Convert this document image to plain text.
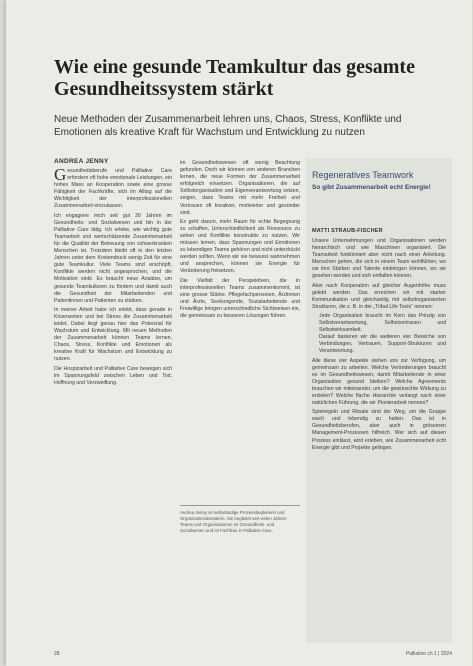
Wie eine gesunde Teamkultur das gesamte Gesundheitssystem stärkt

Neue Methoden der Zusammenarbeit lehren uns, Chaos, Stress, Konflikte und Emotionen als kreative Kraft für Wachstum und Entwicklung zu nutzen

ANDREA JENNY

Gesundheitsberufe und Palliative Care erfordern oft hohe emotionale Leistungen, ein hohes Mass an Kooperation sowie eine grosse Fähigkeit der Fachkräfte, sich im Alltag auf die Wichtigkeit der interprofessionellen Zusammenarbeit einzulassen.

Ich engagiere mich seit gut 30 Jahren im Gesundheits- und Sozialwesen und bin in der Palliative Care tätig. Ich erlebe, wie wichtig gute Teamarbeit und wertschätzende Zusammenarbeit für die Qualität der Betreuung von schwerkranken Menschen ist. Trotzdem bleibt oft in den letzten Jahren unter dem Kostendruck wenig Zeit für eine gute Teamkultur. Viele Teams sind erschöpft, Konflikte werden nicht angesprochen, und die Motivation sinkt. Es braucht neue Ansätze, um gesunde Teamkulturen zu fördern und damit auch die Gesundheit der Mitarbeitenden und Patientinnen und Patienten zu stärken.

In meiner Arbeit habe ich erlebt, dass gerade in Krisenzeiten und bei Stress die Zusammenarbeit leidet. Dabei liegt genau hier das Potenzial für Wachstum und Entwicklung. Mit neuen Methoden der Zusammenarbeit können Teams lernen, Chaos, Stress, Konflikte und Emotionen als kreative Kraft für Wachstum und Entwicklung zu nutzen.

Die Hospizarbeit und Palliative Care bewegen sich im Spannungsfeld zwischen Leben und Tod, Hoffnung und Verzweiflung.

im Gesundheitswesen oft wenig Beachtung gefunden. Doch wir können von anderen Branchen lernen, die neue Formen der Zusammenarbeit erfolgreich einsetzen. Organisationen, die auf Selbstorganisation und Eigenverantwortung setzen, zeigen, dass Teams mit mehr Freiheit und Vertrauen oft kreativer, motivierter und gesünder sind.

Es geht darum, mehr Raum für echte Begegnung zu schaffen, Unterschiedlichkeit als Ressource zu sehen und Konflikte konstruktiv zu nutzen. Wir müssen lernen, dass Spannungen und Emotionen zu lebendigen Teams gehören und nicht unterdrückt werden sollten. Wenn wir sie bewusst wahrnehmen und ansprechen, können sie Energie für Veränderung freisetzen.

Die Vielfalt der Perspektiven, die in interprofessionellen Teams zusammenkommt, ist eine grosse Stärke. Pflegefachpersonen, Ärztinnen und Ärzte, Seelsorgende, Sozialarbeitende und Freiwillige bringen unterschiedliche Sichtweisen ein, die gemeinsam zu besseren Lösungen führen.

Andrea Jenny ist selbständige Prozessbegleiterin und Organisationsberaterin. Sie begleitet seit vielen Jahren Teams und Organisationen im Gesundheits- und Sozialwesen und ist Fachfrau in Palliative Care.

Regeneratives Teamwork

So gibt Zusammenarbeit echt Energie!

MATTI STRAUB-FISCHER

Unsere Unternehmungen und Organisationen werden hierarchisch und wie Maschinen organisiert. Die Teamarbeit funktioniert aber nicht nach einer Anleitung. Menschen gehen, die sich in einem Team wohlfühlen, wo sie ihre Stärken und Talente einbringen können, wo sie gesehen werden und sich entfalten können.

Aber nach Kooperation auf gleicher Augenhöhe muss gelebt werden. Das erreichen wir mit starker Kommunikation und gleichzeitig mit selbstorganisierten Strukturen, die z. B. in der „Tribal Life Tools“ nennen:

• Jede Organisation braucht im Kern das Prinzip von Selbstverantwortung, Selbstvertrauen und Selbstwirksamkeit.
• Darauf basieren wir die weiteren vier Bereiche von Verbindungen, Vertrauen, Support-Strukturen und Verantwortung.

Alle diese vier Aspekte stehen uns zur Verfügung, um gemeinsam zu arbeiten. Welche Veränderungen braucht es im Gesundheitswesen, damit Mitarbeitende in einer Organisation gesund bleiben? Welche Agreements brauchen wir miteinander, um die gewünschte Wirkung zu erzielen? Welche flache Hierarchie verlangt nach einer natürlichen Führung, die wir Pionierarbeit nennen?

Spielregeln und Rituale sind der Weg, um die Gruppe wach und lebendig zu halten. Das ist in Gesundheitsberufen, aber auch in grösseren Management-Prozessen hilfreich. Wer sich auf diesen Prozess einlässt, wird erleben, wie Zusammenarbeit echt Energie gibt und Projekte gelingen.

28	Palliative ch 1 | 2024
